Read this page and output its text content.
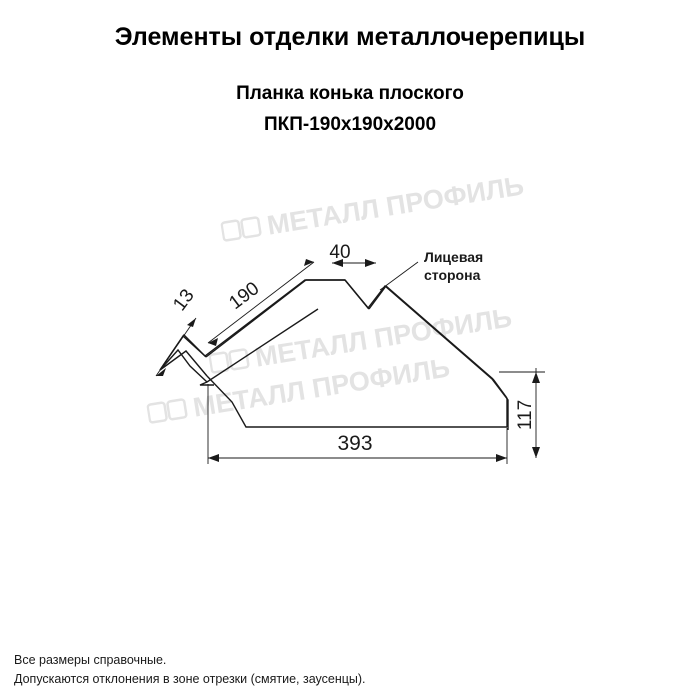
Элементы отделки металлочерепицы
Планка конька плоского
ПКП-190х190х2000
МЕТАЛЛ ПРОФИЛЬ
МЕТАЛЛ ПРОФИЛЬ
МЕТАЛЛ ПРОФИЛЬ
13 190
40
117
393
Лицевая
сторона
Все размеры справочные.
Допускаются отклонения в зоне отрезки (смятие, заусенцы).
